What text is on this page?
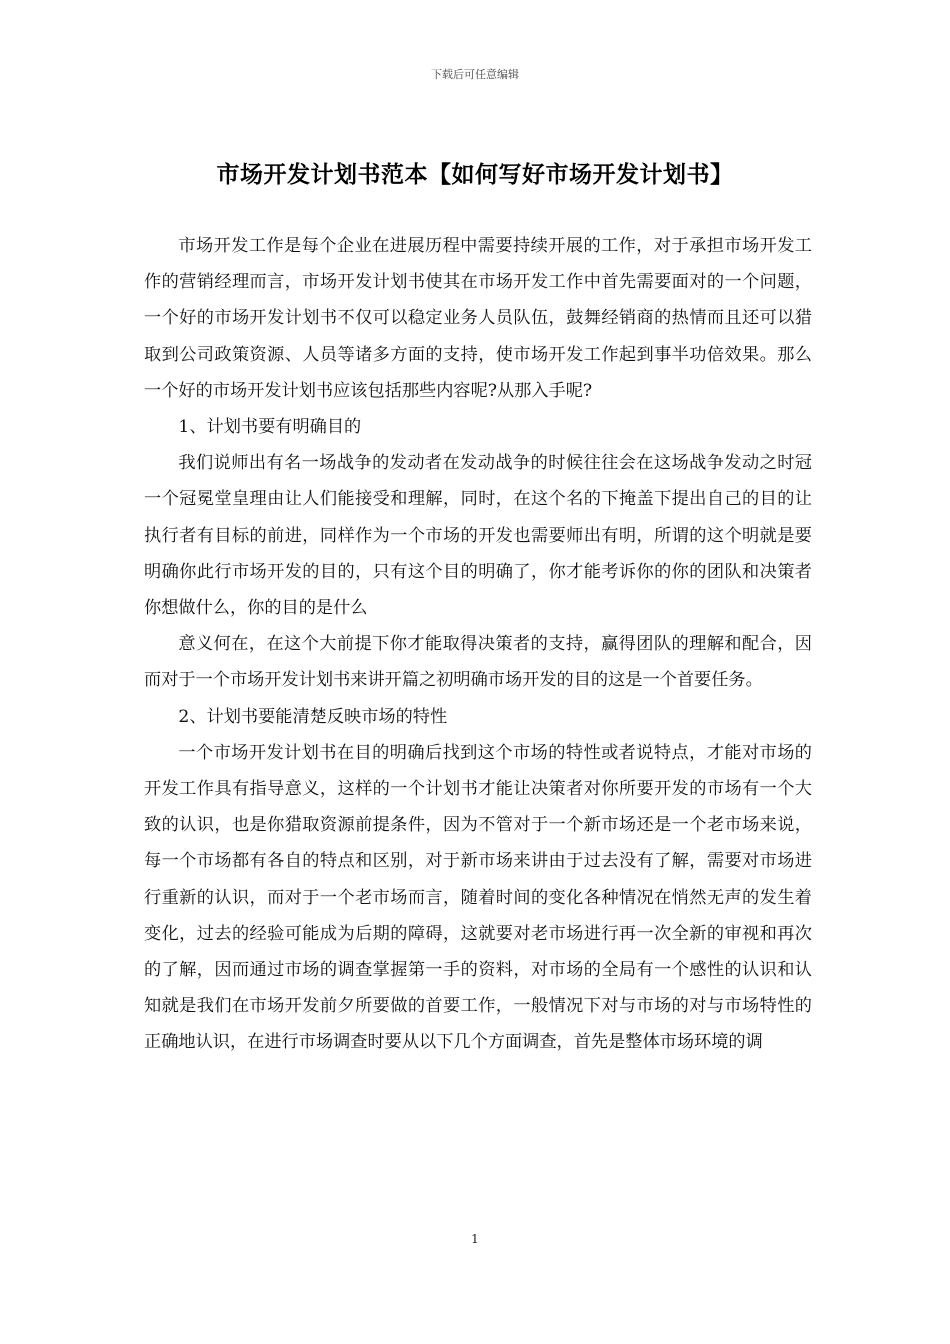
下载后可任意编辑
市场开发计划书范本【如何写好市场开发计划书】

市场开发工作是每个企业在进展历程中需要持续开展的工作，对于承担市场开发工作的营销经理而言，市场开发计划书使其在市场开发工作中首先需要面对的一个问题，一个好的市场开发计划书不仅可以稳定业务人员队伍，鼓舞经销商的热情而且还可以猎取到公司政策资源、人员等诸多方面的支持，使市场开发工作起到事半功倍效果。那么一个好的市场开发计划书应该包括那些内容呢?从那入手呢?

1、计划书要有明确目的

我们说师出有名一场战争的发动者在发动战争的时候往往会在这场战争发动之时冠一个冠冕堂皇理由让人们能接受和理解，同时，在这个名的下掩盖下提出自己的目的让执行者有目标的前进，同样作为一个市场的开发也需要师出有明，所谓的这个明就是要明确你此行市场开发的目的，只有这个目的明确了，你才能考诉你的你的团队和决策者你想做什么，你的目的是什么

意义何在，在这个大前提下你才能取得决策者的支持，赢得团队的理解和配合，因而对于一个市场开发计划书来讲开篇之初明确市场开发的目的这是一个首要任务。

2、计划书要能清楚反映市场的特性

一个市场开发计划书在目的明确后找到这个市场的特性或者说特点，才能对市场的开发工作具有指导意义，这样的一个计划书才能让决策者对你所要开发的市场有一个大致的认识，也是你猎取资源前提条件，因为不管对于一个新市场还是一个老市场来说，每一个市场都有各自的特点和区别，对于新市场来讲由于过去没有了解，需要对市场进行重新的认识，而对于一个老市场而言，随着时间的变化各种情况在悄然无声的发生着变化，过去的经验可能成为后期的障碍，这就要对老市场进行再一次全新的审视和再次的了解，因而通过市场的调查掌握第一手的资料，对市场的全局有一个感性的认识和认知就是我们在市场开发前夕所要做的首要工作，一般情况下对与市场的对与市场特性的正确地认识，在进行市场调查时要从以下几个方面调查，首先是整体市场环境的调

1
